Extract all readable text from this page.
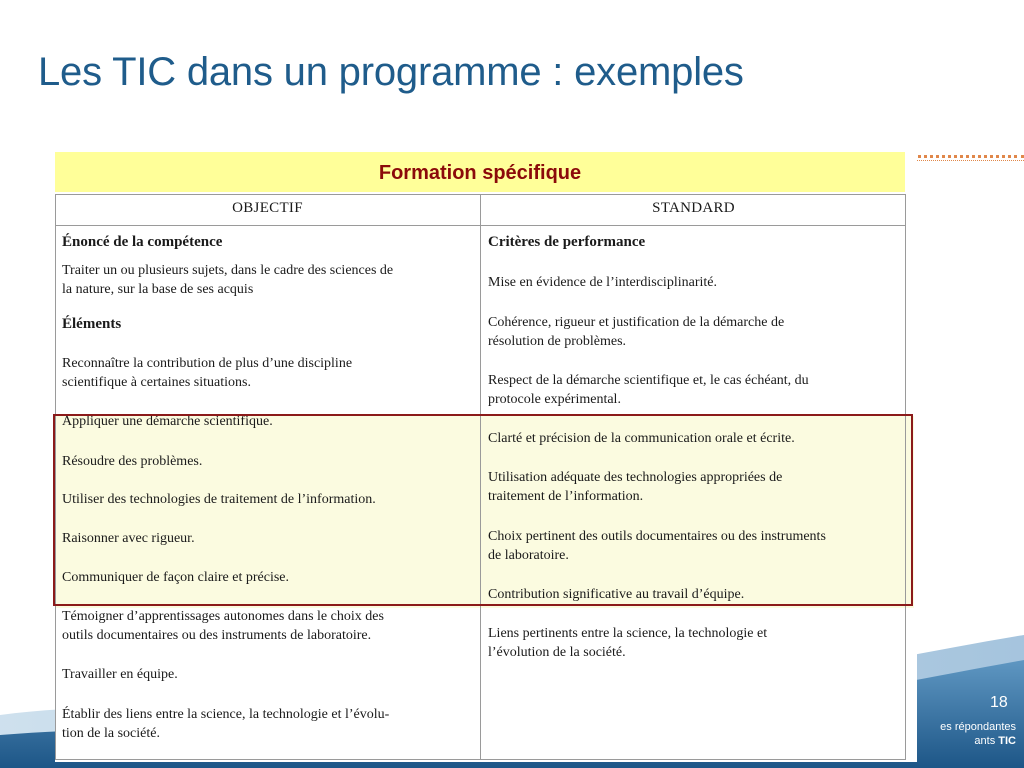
Les TIC dans un programme : exemples
18
es répondantes
ants TIC
Formation spécifique
OBJECTIF	STANDARD
Énoncé de la compétence
Traiter un ou plusieurs sujets, dans le cadre des sciences de
la nature, sur la base de ses acquis
Éléments
Reconnaître la contribution de plus d’une discipline
scientifique à certaines situations.
Appliquer une démarche scientifique.
Résoudre des problèmes.
Utiliser des technologies de traitement de l’information.
Raisonner avec rigueur.
Communiquer de façon claire et précise.
Témoigner d’apprentissages autonomes dans le choix des
outils documentaires ou des instruments de laboratoire.
Travailler en équipe.
Établir des liens entre la science, la technologie et l’évolu-
tion de la société.
Critères de performance
Mise en évidence de l’interdisciplinarité.
Cohérence, rigueur et justification de la démarche de
résolution de problèmes.
Respect de la démarche scientifique et, le cas échéant, du
protocole expérimental.
Clarté et précision de la communication orale et écrite.
Utilisation adéquate des technologies appropriées de
traitement de l’information.
Choix pertinent des outils documentaires ou des instruments
de laboratoire.
Contribution significative au travail d’équipe.
Liens pertinents entre la science, la technologie et
l’évolution de la société.
